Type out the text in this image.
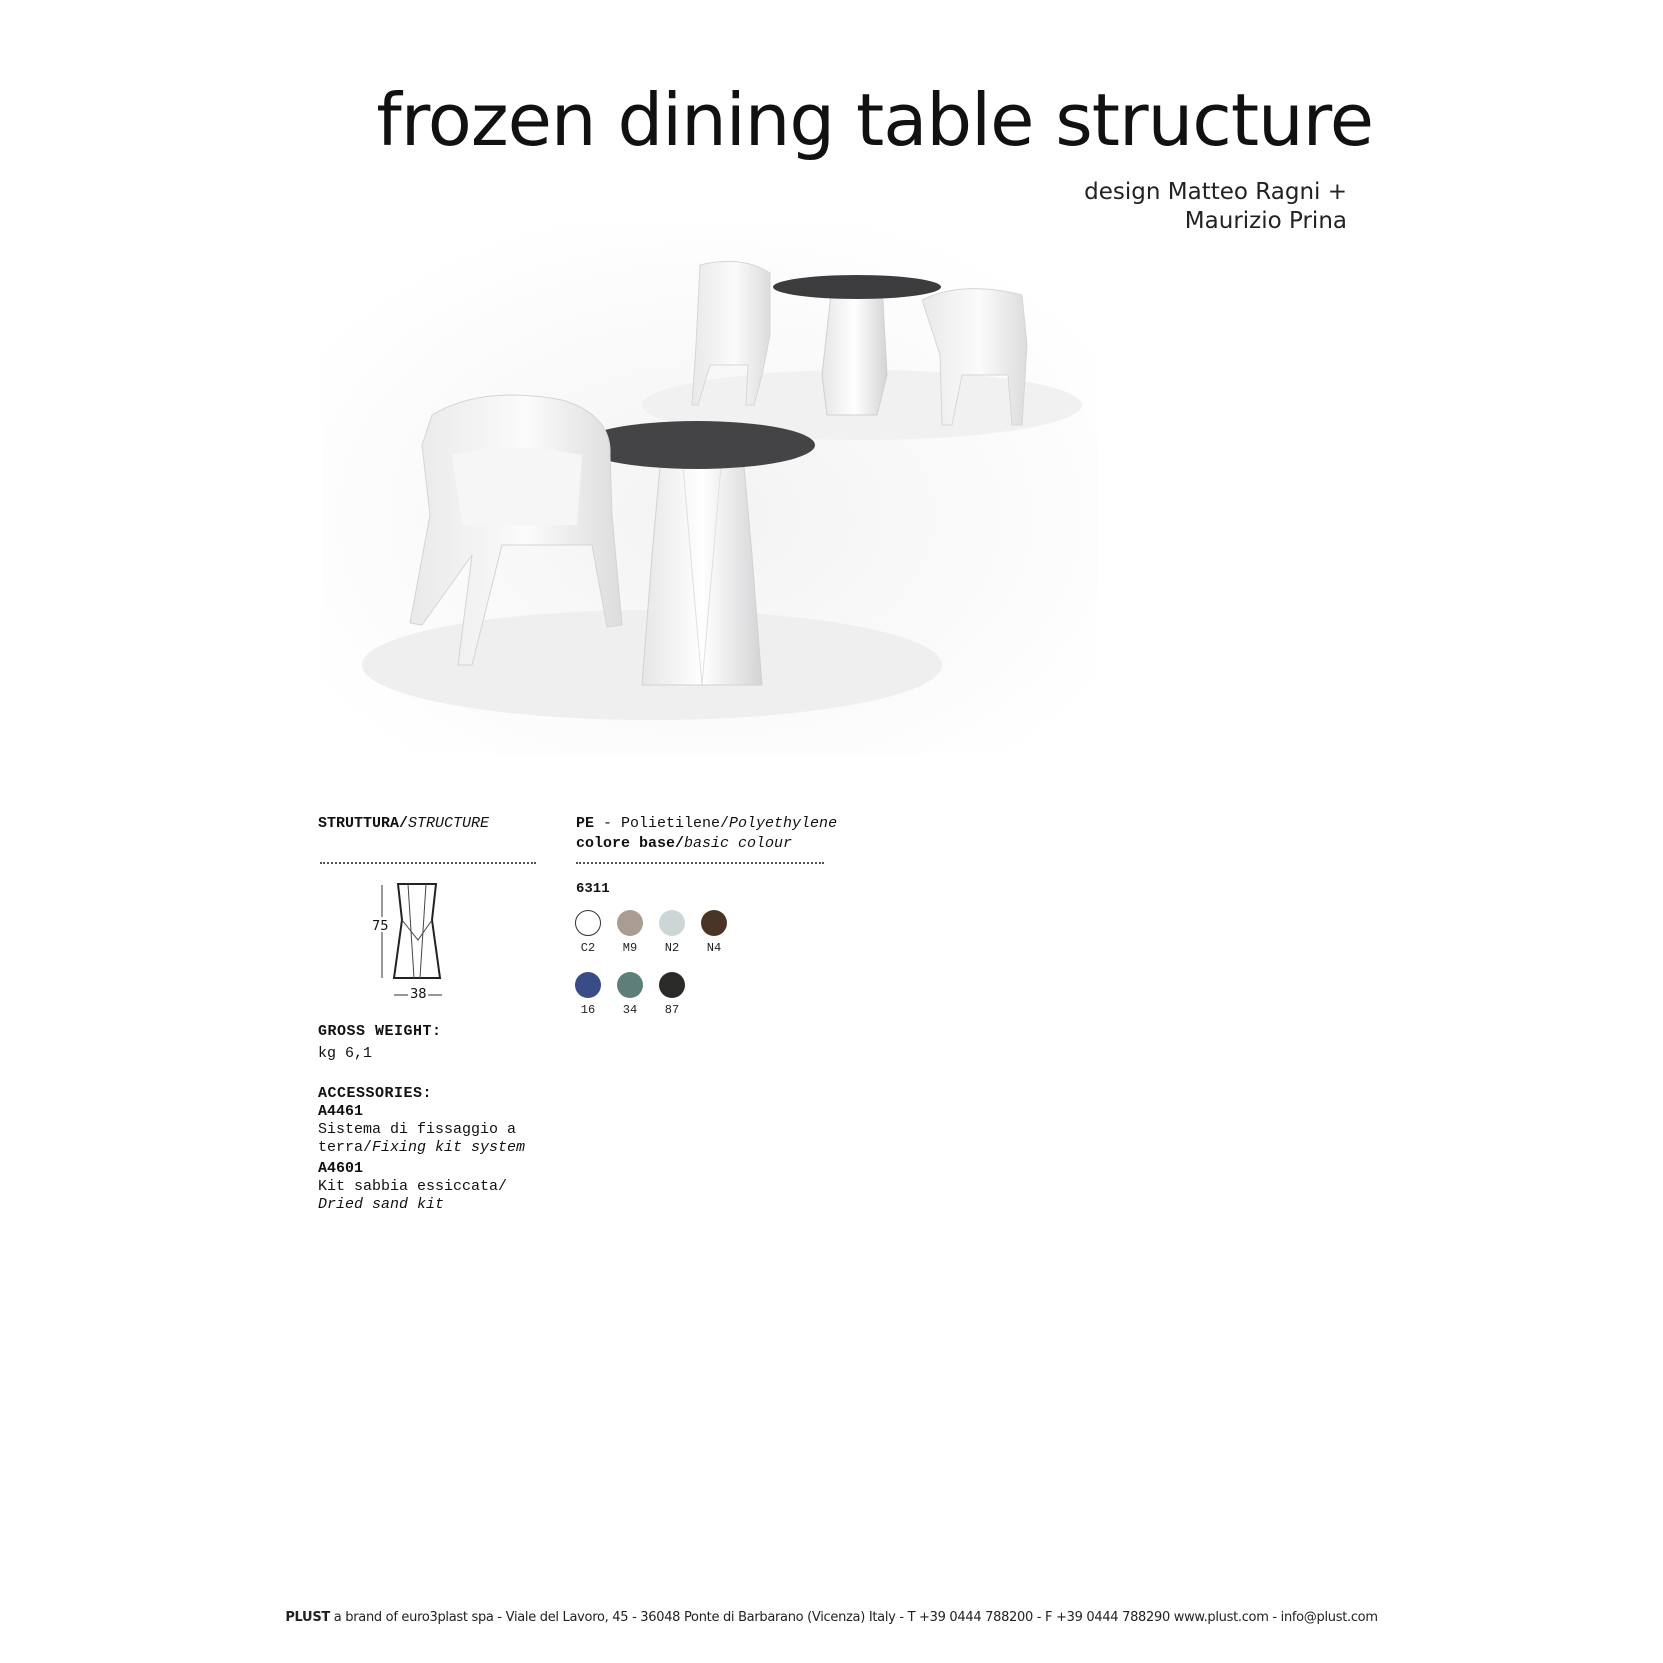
frozen dining table structure
design Matteo Ragni +
Maurizio Prina
STRUTTURA/STRUCTURE
75
38
GROSS WEIGHT:
kg 6,1
ACCESSORIES:
A4461
Sistema di fissaggio a
terra/Fixing kit system
A4601
Kit sabbia essiccata/
Dried sand kit
PE - Polietilene/Polyethylene
colore base/basic colour
6311
C2	M9	N2	N4
16	34	87
PLUST a brand of euro3plast spa - Viale del Lavoro, 45 - 36048 Ponte di Barbarano (Vicenza) Italy - T +39 0444 788200 - F +39 0444 788290 www.plust.com - info@plust.com
